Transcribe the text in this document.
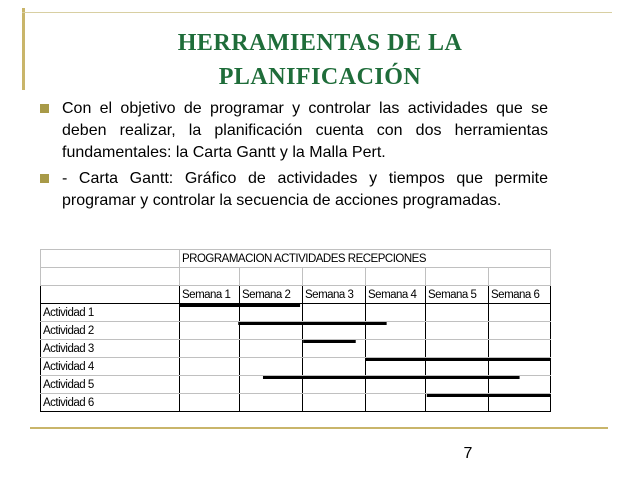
HERRAMIENTAS DE LA
PLANIFICACIÓN
Con el objetivo de programar y controlar las actividades que se deben realizar, la planificación cuenta con dos herramientas fundamentales: la Carta Gantt y la Malla Pert.
- Carta Gantt: Gráfico de actividades y tiempos que permite programar y controlar la secuencia de acciones programadas.
	PROGRAMACION ACTIVIDADES RECEPCIONES					

	Semana 1	Semana 2	Semana 3	Semana 4	Semana 5	Semana 6
Actividad 1						
Actividad 2						
Actividad 3						
Actividad 4						
Actividad 5						
Actividad 6						
7
